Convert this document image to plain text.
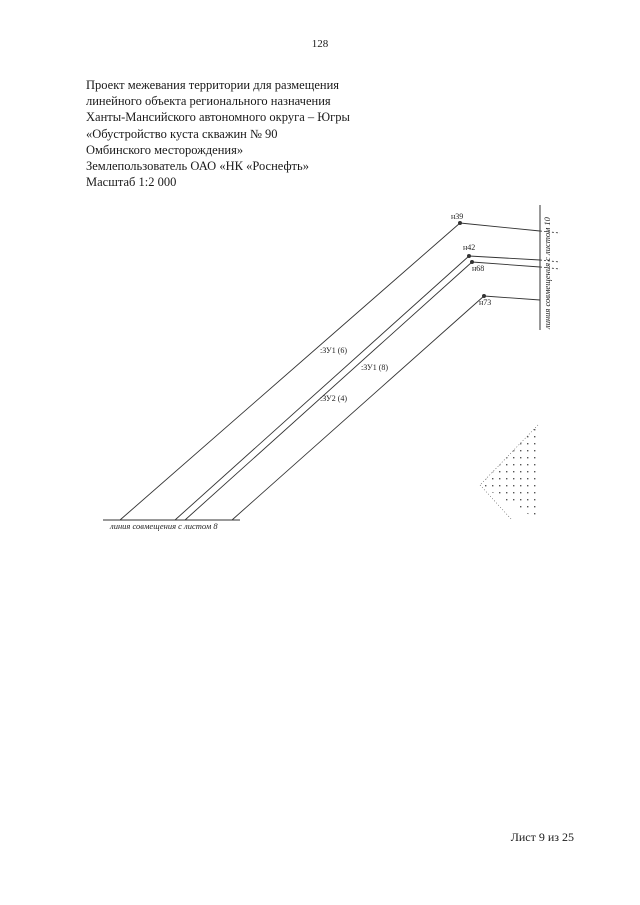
128
Проект межевания территории для размещения
линейного объекта регионального назначения
Ханты-Мансийского автономного округа – Югры
«Обустройство куста скважин № 90
Омбинского месторождения»
Землепользователь ОАО «НК «Роснефть»
Масштаб 1:2 000
н39
н42
н68
н73
:ЗУ1 (6)
:ЗУ1 (8)
:ЗУ2 (4)
линия совмещения с листом 8
линия совмещения с листом 10
Лист 9 из 25
